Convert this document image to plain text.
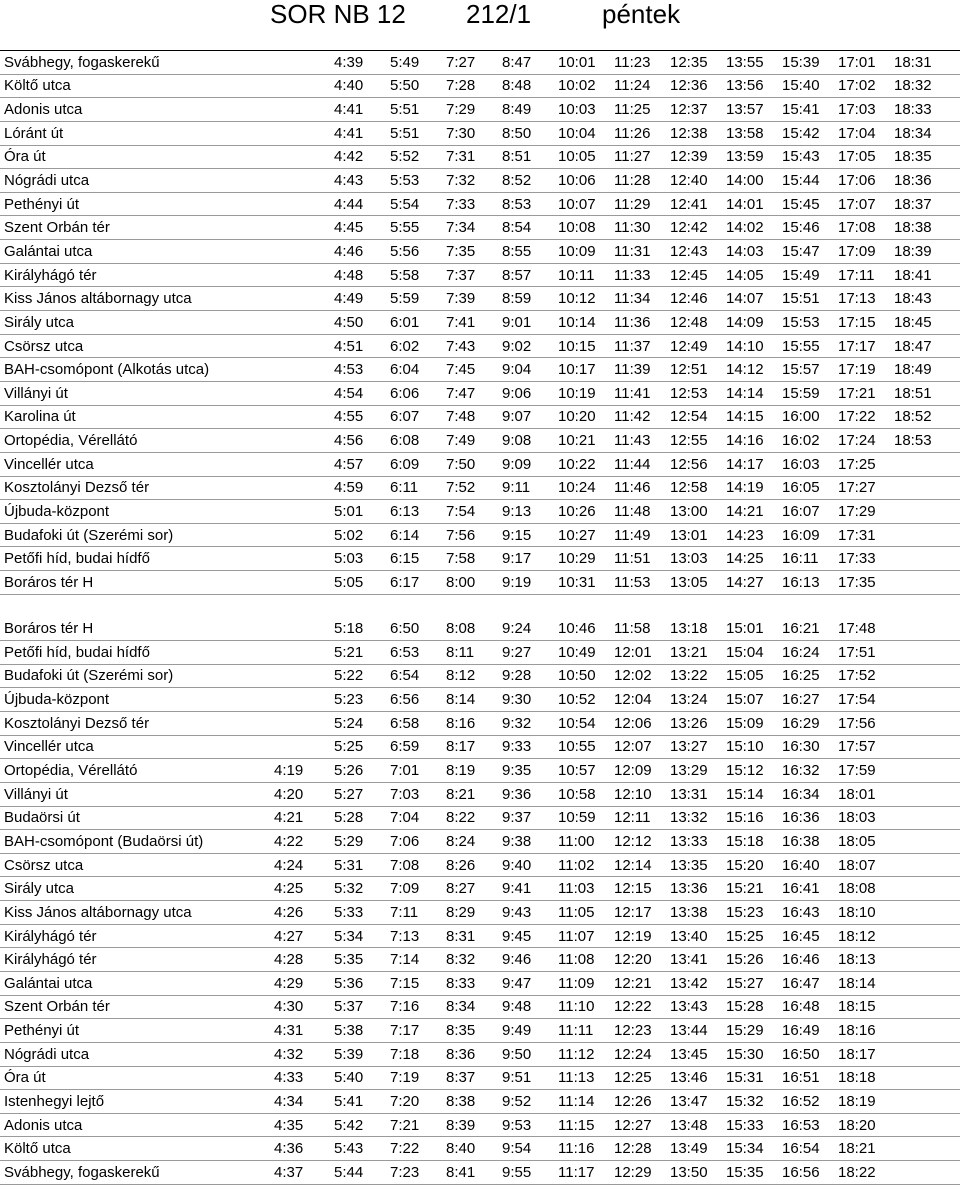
SOR NB 12 212/1	péntek
Svábhegy, fogaskerekű		4:39	5:49	7:27	8:47	10:01	11:23	12:35	13:55	15:39	17:01	18:31
Költő utca		4:40	5:50	7:28	8:48	10:02	11:24	12:36	13:56	15:40	17:02	18:32
Adonis utca		4:41	5:51	7:29	8:49	10:03	11:25	12:37	13:57	15:41	17:03	18:33
Lóránt út		4:41	5:51	7:30	8:50	10:04	11:26	12:38	13:58	15:42	17:04	18:34
Óra út		4:42	5:52	7:31	8:51	10:05	11:27	12:39	13:59	15:43	17:05	18:35
Nógrádi utca		4:43	5:53	7:32	8:52	10:06	11:28	12:40	14:00	15:44	17:06	18:36
Pethényi út		4:44	5:54	7:33	8:53	10:07	11:29	12:41	14:01	15:45	17:07	18:37
Szent Orbán tér		4:45	5:55	7:34	8:54	10:08	11:30	12:42	14:02	15:46	17:08	18:38
Galántai utca		4:46	5:56	7:35	8:55	10:09	11:31	12:43	14:03	15:47	17:09	18:39
Királyhágó tér		4:48	5:58	7:37	8:57	10:11	11:33	12:45	14:05	15:49	17:11	18:41
Kiss János altábornagy utca		4:49	5:59	7:39	8:59	10:12	11:34	12:46	14:07	15:51	17:13	18:43
Sirály utca		4:50	6:01	7:41	9:01	10:14	11:36	12:48	14:09	15:53	17:15	18:45
Csörsz utca		4:51	6:02	7:43	9:02	10:15	11:37	12:49	14:10	15:55	17:17	18:47
BAH-csomópont (Alkotás utca)		4:53	6:04	7:45	9:04	10:17	11:39	12:51	14:12	15:57	17:19	18:49
Villányi út		4:54	6:06	7:47	9:06	10:19	11:41	12:53	14:14	15:59	17:21	18:51
Karolina út		4:55	6:07	7:48	9:07	10:20	11:42	12:54	14:15	16:00	17:22	18:52
Ortopédia, Vérellátó		4:56	6:08	7:49	9:08	10:21	11:43	12:55	14:16	16:02	17:24	18:53
Vincellér utca		4:57	6:09	7:50	9:09	10:22	11:44	12:56	14:17	16:03	17:25	
Kosztolányi Dezső tér		4:59	6:11	7:52	9:11	10:24	11:46	12:58	14:19	16:05	17:27	
Újbuda-központ		5:01	6:13	7:54	9:13	10:26	11:48	13:00	14:21	16:07	17:29	
Budafoki út (Szerémi sor)		5:02	6:14	7:56	9:15	10:27	11:49	13:01	14:23	16:09	17:31	
Petőfi híd, budai hídfő		5:03	6:15	7:58	9:17	10:29	11:51	13:03	14:25	16:11	17:33	
Boráros tér H		5:05	6:17	8:00	9:19	10:31	11:53	13:05	14:27	16:13	17:35	

Boráros tér H		5:18	6:50	8:08	9:24	10:46	11:58	13:18	15:01	16:21	17:48	
Petőfi híd, budai hídfő		5:21	6:53	8:11	9:27	10:49	12:01	13:21	15:04	16:24	17:51	
Budafoki út (Szerémi sor)		5:22	6:54	8:12	9:28	10:50	12:02	13:22	15:05	16:25	17:52	
Újbuda-központ		5:23	6:56	8:14	9:30	10:52	12:04	13:24	15:07	16:27	17:54	
Kosztolányi Dezső tér		5:24	6:58	8:16	9:32	10:54	12:06	13:26	15:09	16:29	17:56	
Vincellér utca		5:25	6:59	8:17	9:33	10:55	12:07	13:27	15:10	16:30	17:57	
Ortopédia, Vérellátó	4:19	5:26	7:01	8:19	9:35	10:57	12:09	13:29	15:12	16:32	17:59	
Villányi út	4:20	5:27	7:03	8:21	9:36	10:58	12:10	13:31	15:14	16:34	18:01	
Budaörsi út	4:21	5:28	7:04	8:22	9:37	10:59	12:11	13:32	15:16	16:36	18:03	
BAH-csomópont (Budaörsi út)	4:22	5:29	7:06	8:24	9:38	11:00	12:12	13:33	15:18	16:38	18:05	
Csörsz utca	4:24	5:31	7:08	8:26	9:40	11:02	12:14	13:35	15:20	16:40	18:07	
Sirály utca	4:25	5:32	7:09	8:27	9:41	11:03	12:15	13:36	15:21	16:41	18:08	
Kiss János altábornagy utca	4:26	5:33	7:11	8:29	9:43	11:05	12:17	13:38	15:23	16:43	18:10	
Királyhágó tér	4:27	5:34	7:13	8:31	9:45	11:07	12:19	13:40	15:25	16:45	18:12	
Királyhágó tér	4:28	5:35	7:14	8:32	9:46	11:08	12:20	13:41	15:26	16:46	18:13	
Galántai utca	4:29	5:36	7:15	8:33	9:47	11:09	12:21	13:42	15:27	16:47	18:14	
Szent Orbán tér	4:30	5:37	7:16	8:34	9:48	11:10	12:22	13:43	15:28	16:48	18:15	
Pethényi út	4:31	5:38	7:17	8:35	9:49	11:11	12:23	13:44	15:29	16:49	18:16	
Nógrádi utca	4:32	5:39	7:18	8:36	9:50	11:12	12:24	13:45	15:30	16:50	18:17	
Óra út	4:33	5:40	7:19	8:37	9:51	11:13	12:25	13:46	15:31	16:51	18:18	
Istenhegyi lejtő	4:34	5:41	7:20	8:38	9:52	11:14	12:26	13:47	15:32	16:52	18:19	
Adonis utca	4:35	5:42	7:21	8:39	9:53	11:15	12:27	13:48	15:33	16:53	18:20	
Költő utca	4:36	5:43	7:22	8:40	9:54	11:16	12:28	13:49	15:34	16:54	18:21	
Svábhegy, fogaskerekű	4:37	5:44	7:23	8:41	9:55	11:17	12:29	13:50	15:35	16:56	18:22	
